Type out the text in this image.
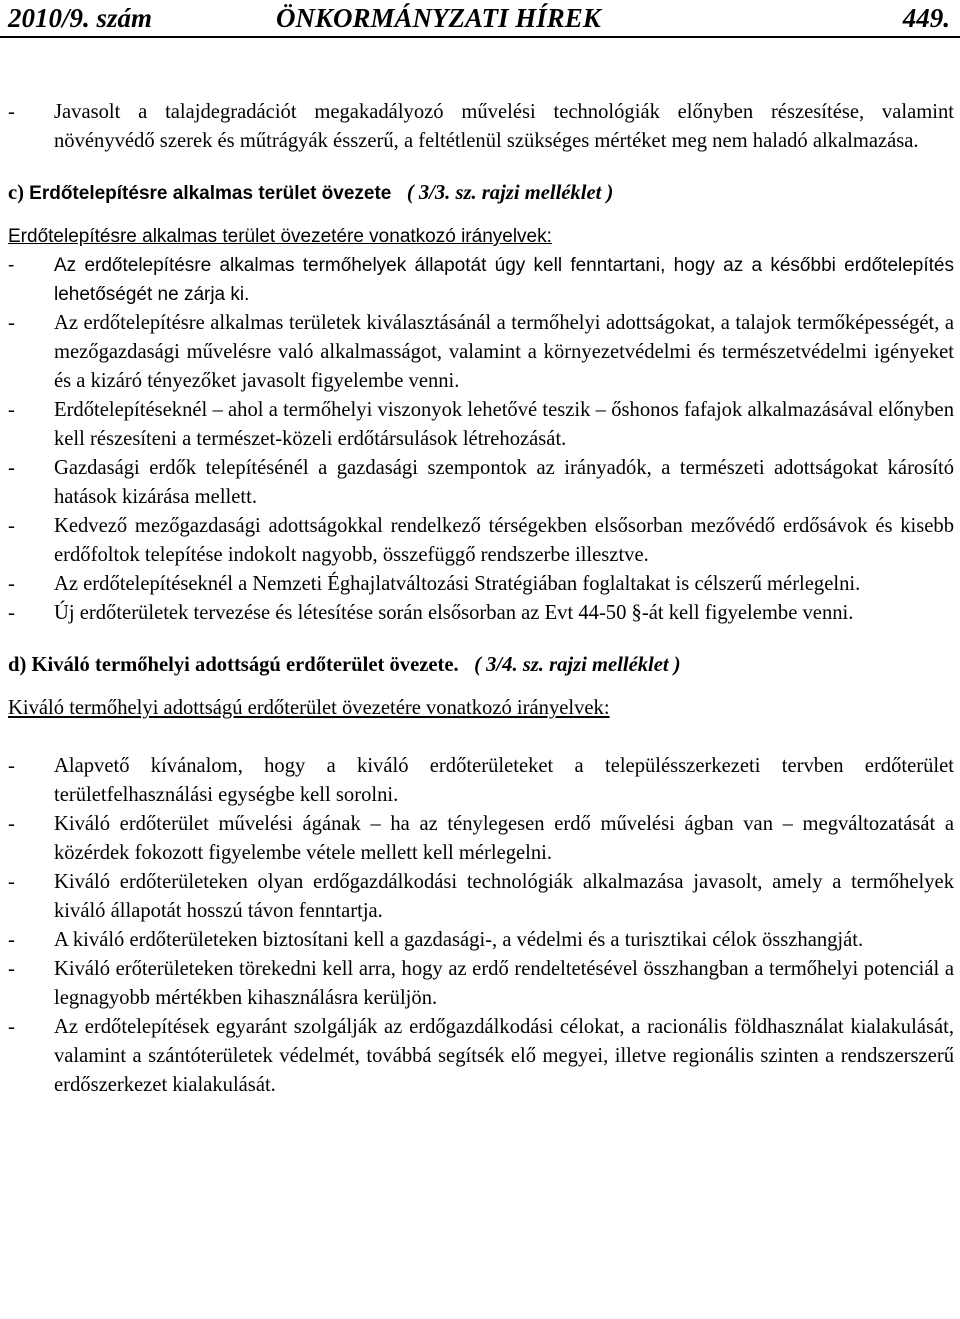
2010/9. szám	ÖNKORMÁNYZATI HÍREK	449.
- Javasolt a talajdegradációt megakadályozó művelési technológiák előnyben részesítése, valamint növényvédő szerek és műtrágyák ésszerű, a feltétlenül szükséges mértéket meg nem haladó alkalmazása.
c) Erdőtelepítésre alkalmas terület övezete ( 3/3. sz. rajzi melléklet )
Erdőtelepítésre alkalmas terület övezetére vonatkozó irányelvek:
- Az erdőtelepítésre alkalmas termőhelyek állapotát úgy kell fenntartani, hogy az a későbbi erdőtelepítés lehetőségét ne zárja ki.
- Az erdőtelepítésre alkalmas területek kiválasztásánál a termőhelyi adottságokat, a talajok termőképességét, a mezőgazdasági művelésre való alkalmasságot, valamint a környezetvédelmi és természetvédelmi igényeket és a kizáró tényezőket javasolt figyelembe venni.
- Erdőtelepítéseknél – ahol a termőhelyi viszonyok lehetővé teszik – őshonos fafajok alkalmazásával előnyben kell részesíteni a természet-közeli erdőtársulások létrehozását.
- Gazdasági erdők telepítésénél a gazdasági szempontok az irányadók, a természeti adottságokat károsító hatások kizárása mellett.
- Kedvező mezőgazdasági adottságokkal rendelkező térségekben elsősorban mezővédő erdősávok és kisebb erdőfoltok telepítése indokolt nagyobb, összefüggő rendszerbe illesztve.
- Az erdőtelepítéseknél a Nemzeti Éghajlatváltozási Stratégiában foglaltakat is célszerű mérlegelni.
- Új erdőterületek tervezése és létesítése során elsősorban az Evt 44-50 §-át kell figyelembe venni.
d) Kiváló termőhelyi adottságú erdőterület övezete. ( 3/4. sz. rajzi melléklet )
Kiváló termőhelyi adottságú erdőterület övezetére vonatkozó irányelvek:
- Alapvető kívánalom, hogy a kiváló erdőterületeket a településszerkezeti tervben erdőterület területfelhasználási egységbe kell sorolni.
- Kiváló erdőterület művelési ágának – ha az ténylegesen erdő művelési ágban van – megváltozatását a közérdek fokozott figyelembe vétele mellett kell mérlegelni.
- Kiváló erdőterületeken olyan erdőgazdálkodási technológiák alkalmazása javasolt, amely a termőhelyek kiváló állapotát hosszú távon fenntartja.
- A kiváló erdőterületeken biztosítani kell a gazdasági-, a védelmi és a turisztikai célok összhangját.
- Kiváló erőterületeken törekedni kell arra, hogy az erdő rendeltetésével összhangban a termőhelyi potenciál a legnagyobb mértékben kihasználásra kerüljön.
- Az erdőtelepítések egyaránt szolgálják az erdőgazdálkodási célokat, a racionális földhasználat kialakulását, valamint a szántóterületek védelmét, továbbá segítsék elő megyei, illetve regionális szinten a rendszerszerű erdőszerkezet kialakulását.
